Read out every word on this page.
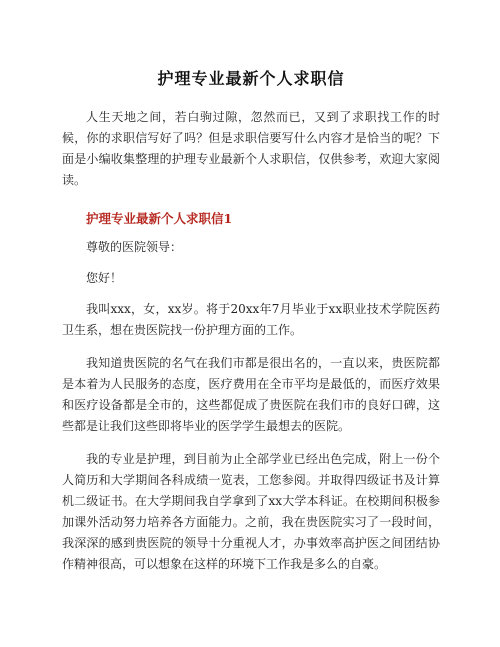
护理专业最新个人求职信

人生天地之间，若白驹过隙，忽然而已，又到了求职找工作的时候，你的求职信写好了吗？但是求职信要写什么内容才是恰当的呢？下面是小编收集整理的护理专业最新个人求职信，仅供参考，欢迎大家阅读。

护理专业最新个人求职信1

尊敬的医院领导：

您好！

我叫xxx，女，xx岁。将于20xx年7月毕业于xx职业技术学院医药卫生系，想在贵医院找一份护理方面的工作。

我知道贵医院的名气在我们市都是很出名的，一直以来，贵医院都是本着为人民服务的态度，医疗费用在全市平均是最低的，而医疗效果和医疗设备都是全市的，这些都促成了贵医院在我们市的良好口碑，这些都是让我们这些即将毕业的医学学生最想去的医院。

我的专业是护理，到目前为止全部学业已经出色完成，附上一份个人简历和大学期间各科成绩一览表，工您参阅。并取得四级证书及计算机二级证书。在大学期间我自学拿到了xx大学本科证。在校期间积极参加课外活动努力培养各方面能力。之前，我在贵医院实习了一段时间，我深深的感到贵医院的领导十分重视人才，办事效率高护医之间团结协作精神很高，可以想象在这样的环境下工作我是多么的自豪。
